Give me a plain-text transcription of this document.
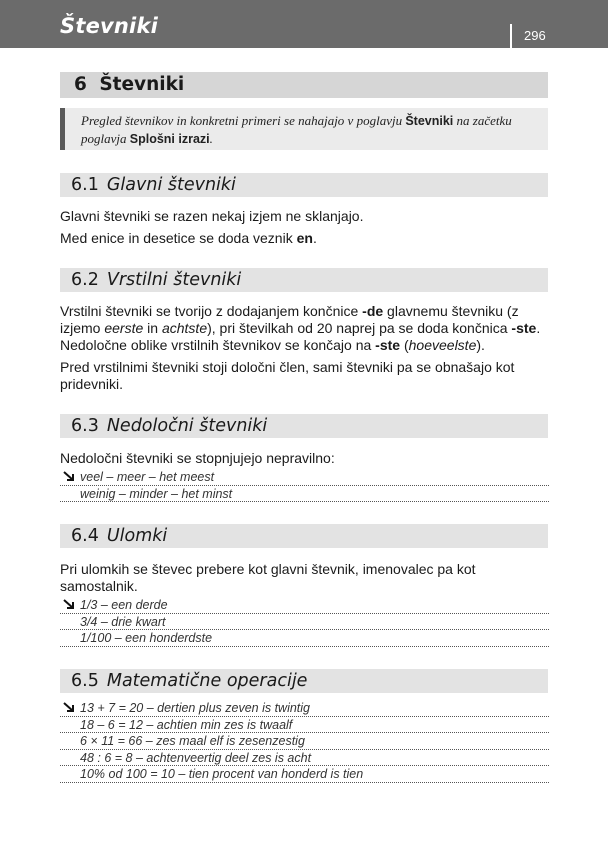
Števniki	296
6 Števniki
Pregled števnikov in konkretni primeri se nahajajo v poglavju Števniki na začetku poglavja Splošni izrazi.
6.1 Glavni števniki
Glavni števniki se razen nekaj izjem ne sklanjajo.
Med enice in desetice se doda veznik en.
6.2 Vrstilni števniki
Vrstilni števniki se tvorijo z dodajanjem končnice -de glavnemu števniku (z izjemo eerste in achtste), pri številkah od 20 naprej pa se doda končnica -ste. Nedoločne oblike vrstilnih števnikov se končajo na -ste (hoeveelste).
Pred vrstilnimi števniki stoji določni člen, sami števniki pa se obnašajo kot pridevniki.
6.3 Nedoločni števniki
Nedoločni števniki se stopnjujejo nepravilno:
veel – meer – het meest
weinig – minder – het minst
6.4 Ulomki
Pri ulomkih se števec prebere kot glavni števnik, imenovalec pa kot samostalnik.
1/3 – een derde
3/4 – drie kwart
1/100 – een honderdste
6.5 Matematične operacije
13 + 7 = 20 – dertien plus zeven is twintig
18 – 6 = 12 – achtien min zes is twaalf
6 × 11 = 66 – zes maal elf is zesenzestig
48 : 6 = 8 – achtenveertig deel zes is acht
10% od 100 = 10 – tien procent van honderd is tien
